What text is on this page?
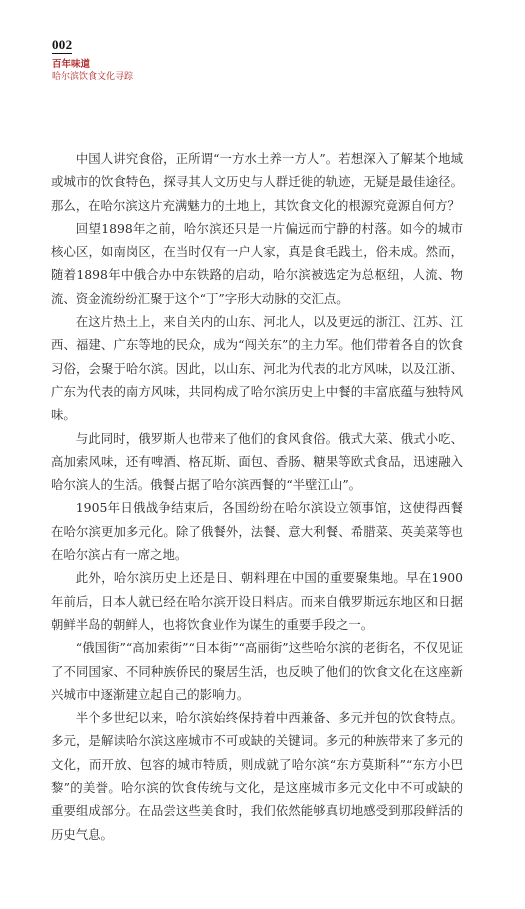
002
百年味道
哈尔滨饮食文化寻踪

中国人讲究食俗，正所谓“一方水土养一方人”。若想深入了解某个地域或城市的饮食特色，探寻其人文历史与人群迁徙的轨迹，无疑是最佳途径。那么，在哈尔滨这片充满魅力的土地上，其饮食文化的根源究竟源自何方？

回望1898年之前，哈尔滨还只是一片偏远而宁静的村落。如今的城市核心区，如南岗区，在当时仅有一户人家，真是食毛践土，俗未成。然而，随着1898年中俄合办中东铁路的启动，哈尔滨被选定为总枢纽，人流、物流、资金流纷纷汇聚于这个“丁”字形大动脉的交汇点。

在这片热土上，来自关内的山东、河北人，以及更远的浙江、江苏、江西、福建、广东等地的民众，成为“闯关东”的主力军。他们带着各自的饮食习俗，会聚于哈尔滨。因此，以山东、河北为代表的北方风味，以及江浙、广东为代表的南方风味，共同构成了哈尔滨历史上中餐的丰富底蕴与独特风味。

与此同时，俄罗斯人也带来了他们的食风食俗。俄式大菜、俄式小吃、高加索风味，还有啤酒、格瓦斯、面包、香肠、糖果等欧式食品，迅速融入哈尔滨人的生活。俄餐占据了哈尔滨西餐的“半壁江山”。

1905年日俄战争结束后，各国纷纷在哈尔滨设立领事馆，这使得西餐在哈尔滨更加多元化。除了俄餐外，法餐、意大利餐、希腊菜、英美菜等也在哈尔滨占有一席之地。

此外，哈尔滨历史上还是日、朝料理在中国的重要聚集地。早在1900年前后，日本人就已经在哈尔滨开设日料店。而来自俄罗斯远东地区和日据朝鲜半岛的朝鲜人，也将饮食业作为谋生的重要手段之一。

“俄国街”“高加索街”“日本街”“高丽街”这些哈尔滨的老街名，不仅见证了不同国家、不同种族侨民的聚居生活，也反映了他们的饮食文化在这座新兴城市中逐渐建立起自己的影响力。

半个多世纪以来，哈尔滨始终保持着中西兼备、多元并包的饮食特点。多元，是解读哈尔滨这座城市不可或缺的关键词。多元的种族带来了多元的文化，而开放、包容的城市特质，则成就了哈尔滨“东方莫斯科”“东方小巴黎”的美誉。哈尔滨的饮食传统与文化，是这座城市多元文化中不可或缺的重要组成部分。在品尝这些美食时，我们依然能够真切地感受到那段鲜活的历史气息。
